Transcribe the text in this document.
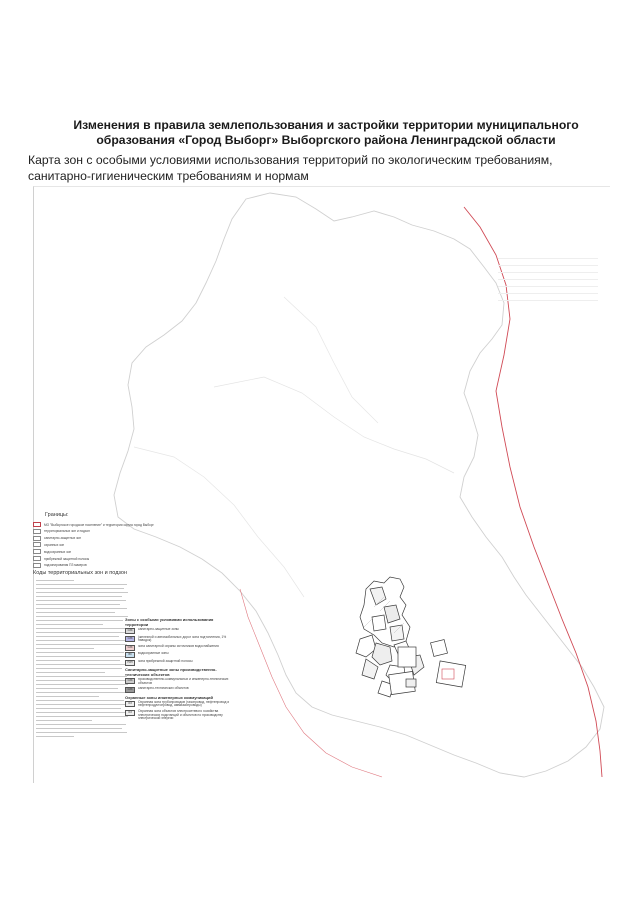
Изменения в правила землепользования и застройки территории муниципального образования «Город Выборг» Выборгского района Ленинградской области
Карта зон с особыми условиями использования территорий по экологическим требованиям, санитарно-гигиеническим требованиям и нормам
Границы:
МО "Выборгское городское поселение" и территории округа город Выборг
территориальных зон и подзон
санитарно-защитных зон
охранных зон
водоохранных зон
прибрежной защитной полосы
подзонирования ПЗ макеров
Коды территориальных зон и подзон
Зоны с особыми условиями использования территории
СЗЗ	санитарно-защитные зоны
СЗЗ	(железной и автомобильных дорог зона подтопления, 1% паводок)
СЗЗ	зона санитарной охраны источников водоснабжения
ВЗ	водоохранные зоны
ПЗП	зона прибрежной защитной полосы
Санитарно-защитные зоны производственно-технических объектов
СЗЗ	производственно-коммунальных и инженерно-технических объектов
СЗЗ	санитарно-технических объектов
Охранные зоны инженерных коммуникаций
ОЗ	Охранная зона трубопроводов (газопровод, нефтепровод и нефтепродуктопровод, аммиакопроводы)
ОЗ	Охранная зона объектов электросетевого хозяйства электрических подстанций и объектов по производству электрической энергии
